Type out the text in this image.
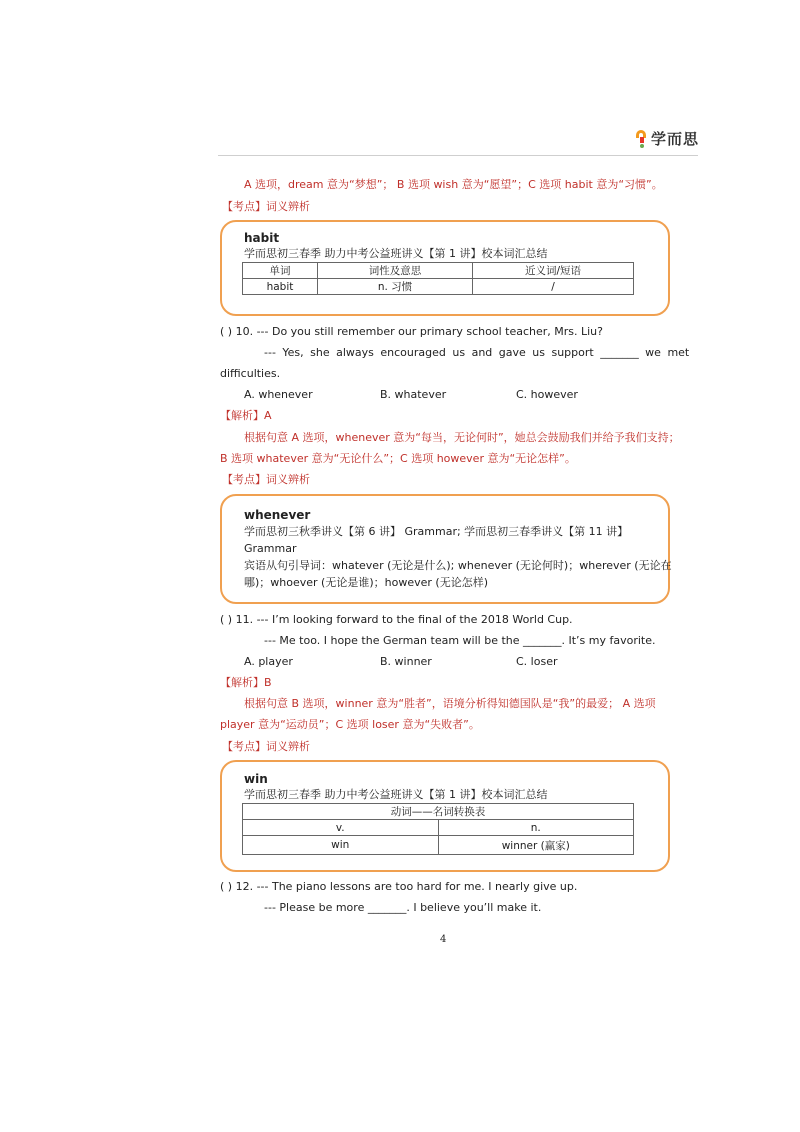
学而思
A 选项，dream 意为“梦想”； B 选项 wish 意为“愿望”；C 选项 habit 意为“习惯”。
【考点】词义辨析
habit
学而思初三春季 助力中考公益班讲义【第 1 讲】校本词汇总结
单词	词性及意思	近义词/短语
habit	n. 习惯	/
( ) 10. --- Do you still remember our primary school teacher, Mrs. Liu?
--- Yes, she always encouraged us and gave us support _______ we met
difficulties.
A. whenever	B. whatever	C. however
【解析】A
根据句意 A 选项，whenever 意为“每当，无论何时”，她总会鼓励我们并给予我们支持；
B 选项 whatever 意为“无论什么”；C 选项 however 意为“无论怎样”。
【考点】词义辨析
whenever
学而思初三秋季讲义【第 6 讲】 Grammar; 学而思初三春季讲义【第 11 讲】
Grammar
宾语从句引导词：whatever (无论是什么); whenever (无论何时)；wherever (无论在
哪)；whoever (无论是谁)；however (无论怎样)
( ) 11. --- I’m looking forward to the final of the 2018 World Cup.
--- Me too. I hope the German team will be the _______. It’s my favorite.
A. player	B. winner	C. loser
【解析】B
根据句意 B 选项，winner 意为“胜者”，语境分析得知德国队是“我”的最爱； A 选项
player 意为“运动员”；C 选项 loser 意为“失败者”。
【考点】词义辨析
win
学而思初三春季 助力中考公益班讲义【第 1 讲】校本词汇总结
动词——名词转换表	
v.	n.
win	winner (赢家)
( ) 12. --- The piano lessons are too hard for me. I nearly give up.
--- Please be more _______. I believe you’ll make it.
4
